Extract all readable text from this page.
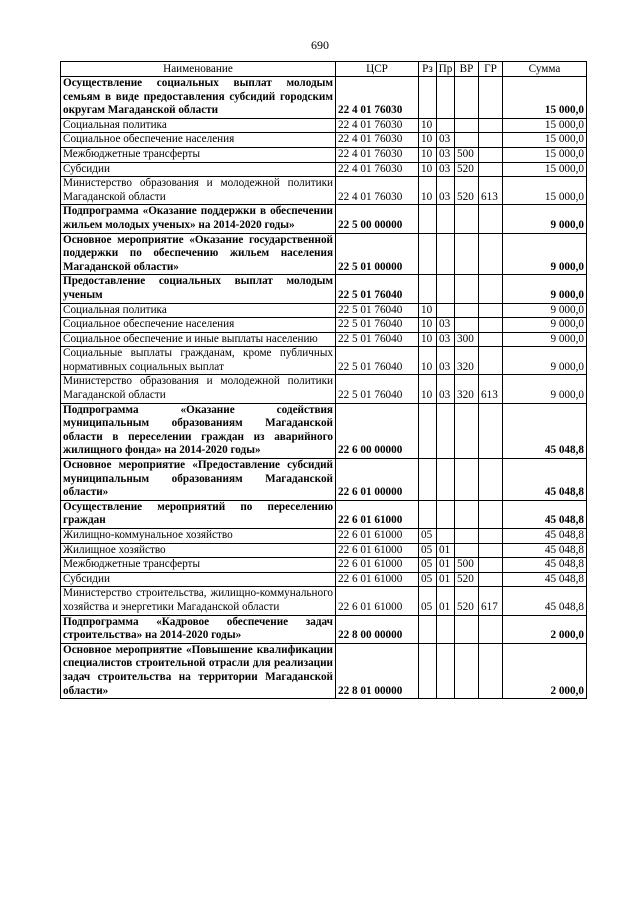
690
Наименование	ЦСР	Рз	Пр	ВР	ГР	Сумма
Осуществление социальных выплат молодым семьям в виде предоставления субсидий городским округам Магаданской области	22 4 01 76030					15 000,0
Социальная политика	22 4 01 76030	10				15 000,0
Социальное обеспечение населения	22 4 01 76030	10	03			15 000,0
Межбюджетные трансферты	22 4 01 76030	10	03	500		15 000,0
Субсидии	22 4 01 76030	10	03	520		15 000,0
Министерство образования и молодежной политики Магаданской области	22 4 01 76030	10	03	520	613	15 000,0
Подпрограмма «Оказание поддержки в обеспечении жильем молодых ученых» на 2014-2020 годы»	22 5 00 00000					9 000,0
Основное мероприятие «Оказание государственной поддержки по обеспечению жильем населения Магаданской области»	22 5 01 00000					9 000,0
Предоставление социальных выплат молодым ученым	22 5 01 76040					9 000,0
Социальная политика	22 5 01 76040	10				9 000,0
Социальное обеспечение населения	22 5 01 76040	10	03			9 000,0
Социальное обеспечение и иные выплаты населению	22 5 01 76040	10	03	300		9 000,0
Социальные выплаты гражданам, кроме публичных нормативных социальных выплат	22 5 01 76040	10	03	320		9 000,0
Министерство образования и молодежной политики Магаданской области	22 5 01 76040	10	03	320	613	9 000,0
Подпрограмма «Оказание содействия муниципальным образованиям Магаданской области в переселении граждан из аварийного жилищного фонда» на 2014-2020 годы»	22 6 00 00000					45 048,8
Основное мероприятие «Предоставление субсидий муниципальным образованиям Магаданской области»	22 6 01 00000					45 048,8
Осуществление мероприятий по переселению граждан	22 6 01 61000					45 048,8
Жилищно-коммунальное хозяйство	22 6 01 61000	05				45 048,8
Жилищное хозяйство	22 6 01 61000	05	01			45 048,8
Межбюджетные трансферты	22 6 01 61000	05	01	500		45 048,8
Субсидии	22 6 01 61000	05	01	520		45 048,8
Министерство строительства, жилищно-коммунального хозяйства и энергетики Магаданской области	22 6 01 61000	05	01	520	617	45 048,8
Подпрограмма «Кадровое обеспечение задач строительства» на 2014-2020 годы»	22 8 00 00000					2 000,0
Основное мероприятие «Повышение квалификации специалистов строительной отрасли для реализации задач строительства на территории Магаданской области»	22 8 01 00000					2 000,0
